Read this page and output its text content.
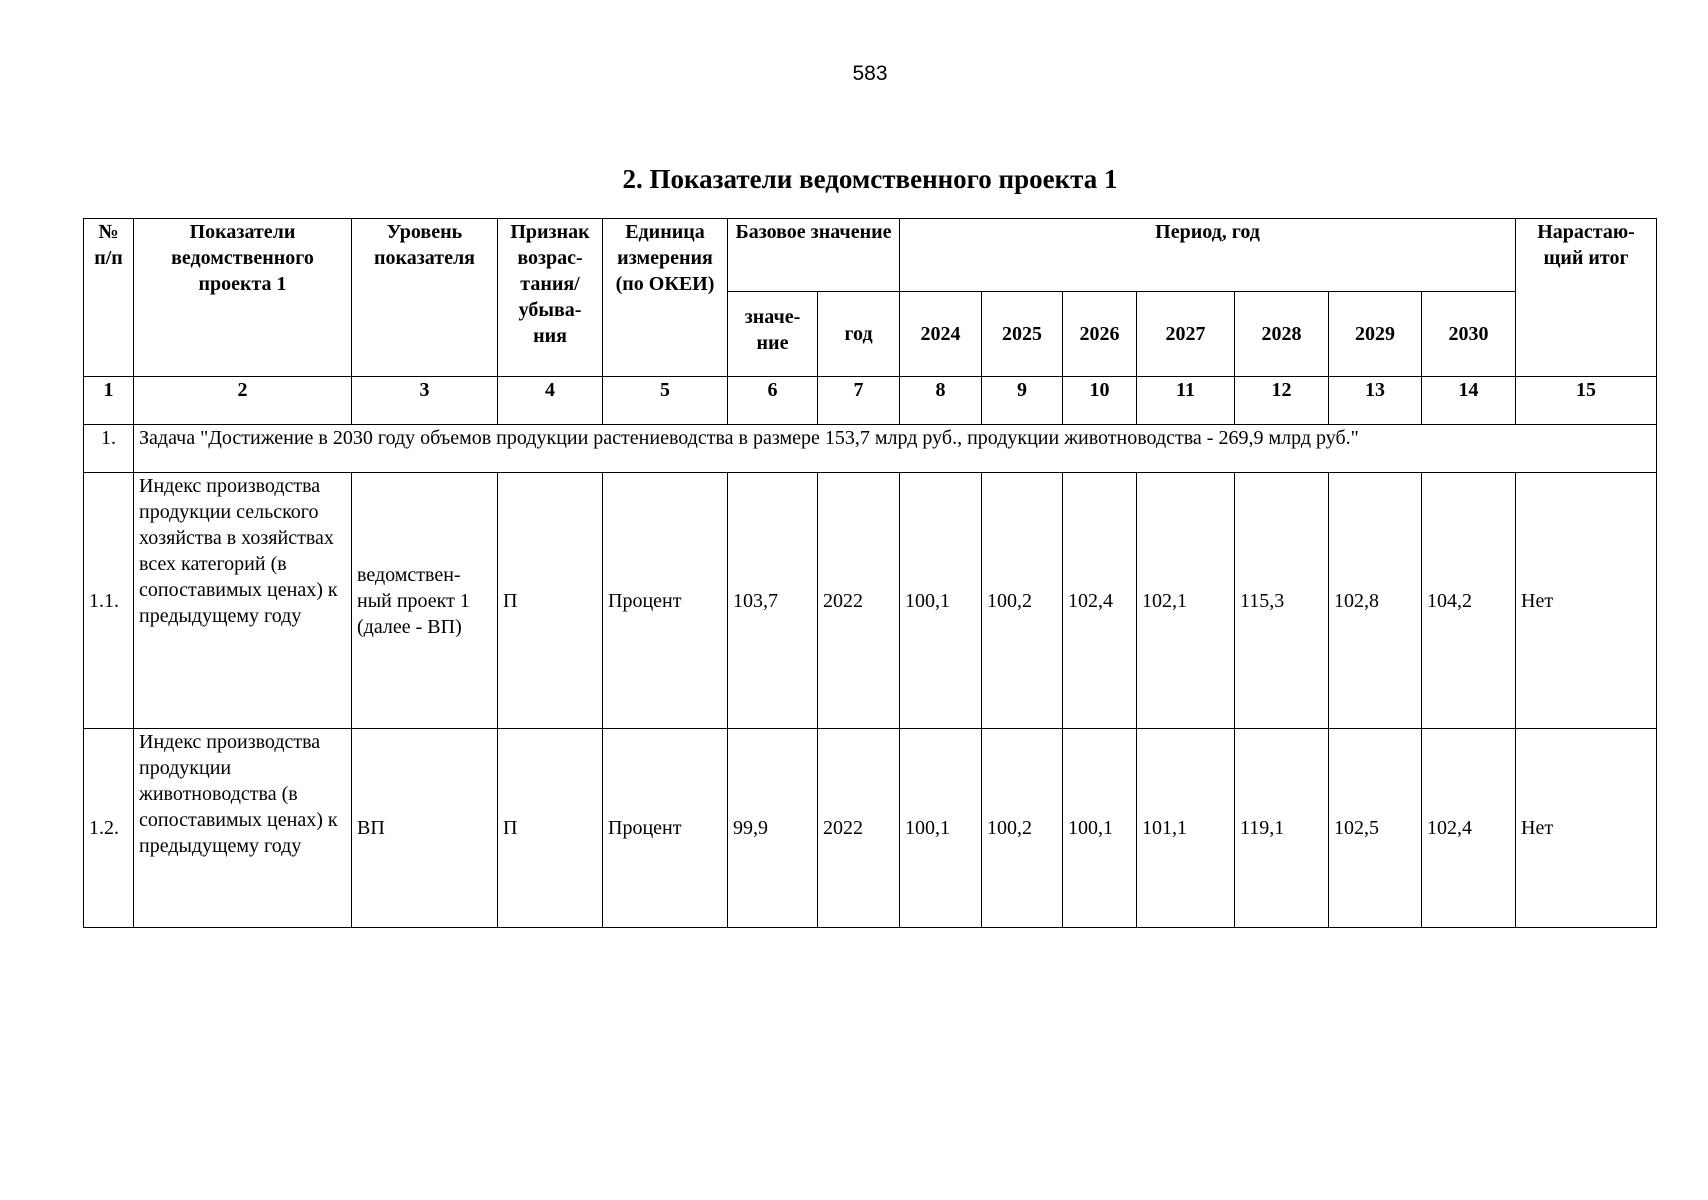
583
2. Показатели ведомственного проекта 1
№ п/п	Показатели ведомственного проекта 1	Уровень показателя	Признак возрас-тания/ убыва-ния	Единица измерения (по ОКЕИ)	Базовое значение		Период, год							Нарастаю-щий итог
					значе-ние	год	2024	2025	2026	2027	2028	2029	2030	
1	2	3	4	5	6	7	8	9	10	11	12	13	14	15
1.	Задача "Достижение в 2030 году объемов продукции растениеводства в размере 153,7 млрд руб., продукции животноводства - 269,9 млрд руб."													
1.1.	Индекс производства продукции сельского хозяйства в хозяйствах всех категорий (в сопоставимых ценах) к предыдущему году	ведомствен-ный проект 1 (далее - ВП)	П	Процент	103,7	2022	100,1	100,2	102,4	102,1	115,3	102,8	104,2	Нет
1.2.	Индекс производства продукции животноводства (в сопоставимых ценах) к предыдущему году	ВП	П	Процент	99,9	2022	100,1	100,2	100,1	101,1	119,1	102,5	102,4	Нет
